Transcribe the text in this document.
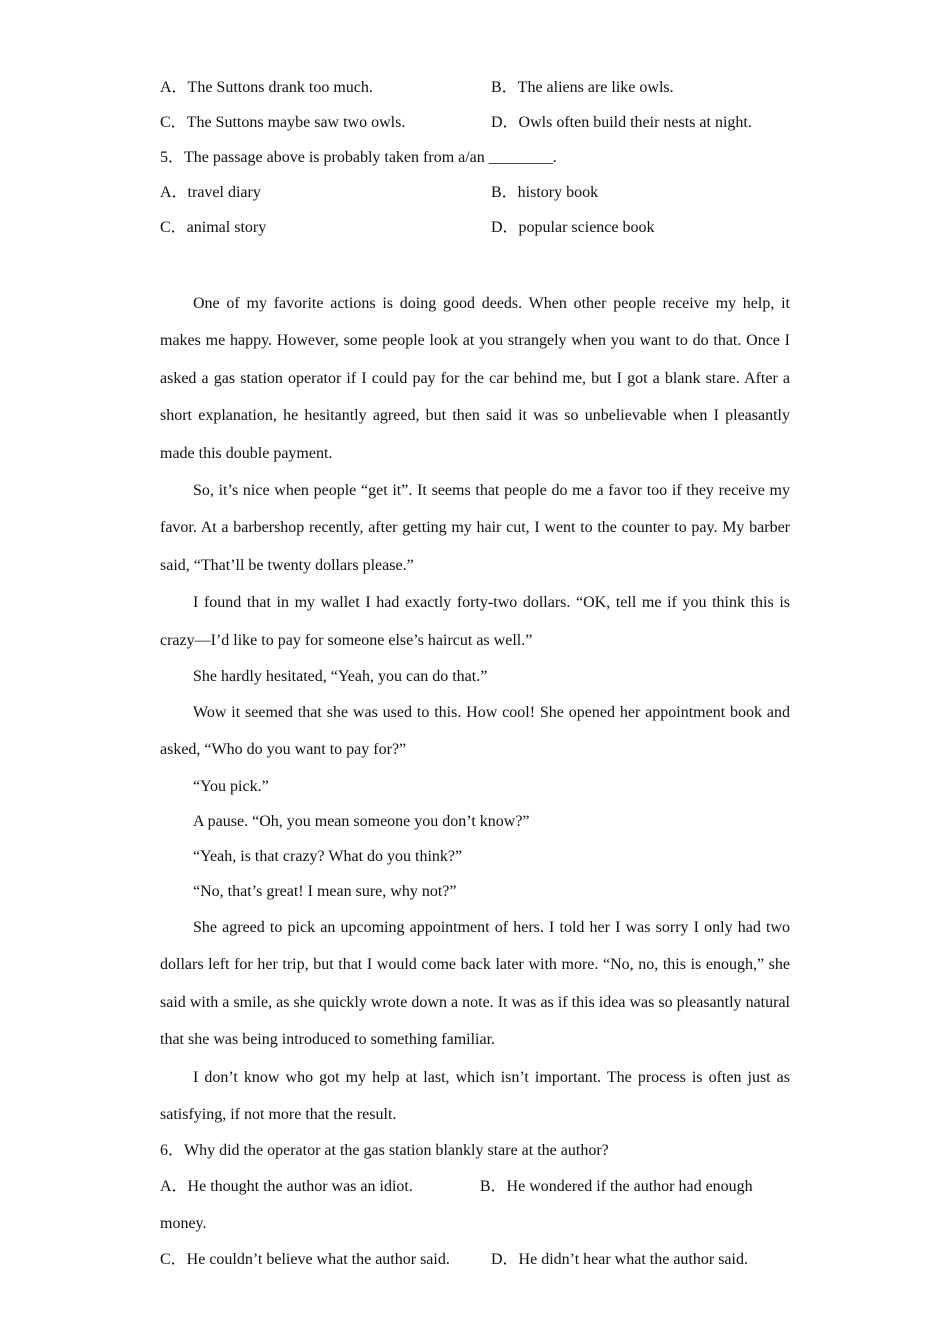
A．The Suttons drank too much.	B．The aliens are like owls.
C．The Suttons maybe saw two owls.	D．Owls often build their nests at night.
5．The passage above is probably taken from a/an ________.
A．travel diary	B．history book
C．animal story	D．popular science book

One of my favorite actions is doing good deeds. When other people receive my help, it makes me happy. However, some people look at you strangely when you want to do that. Once I asked a gas station operator if I could pay for the car behind me, but I got a blank stare. After a short explanation, he hesitantly agreed, but then said it was so unbelievable when I pleasantly made this double payment.

So, it’s nice when people “get it”. It seems that people do me a favor too if they receive my favor. At a barbershop recently, after getting my hair cut, I went to the counter to pay. My barber said, “That’ll be twenty dollars please.”

I found that in my wallet I had exactly forty-two dollars. “OK, tell me if you think this is crazy—I’d like to pay for someone else’s haircut as well.”

She hardly hesitated, “Yeah, you can do that.”

Wow it seemed that she was used to this. How cool! She opened her appointment book and asked, “Who do you want to pay for?”

“You pick.”
A pause. “Oh, you mean someone you don’t know?”
“Yeah, is that crazy? What do you think?”
“No, that’s great! I mean sure, why not?”

She agreed to pick an upcoming appointment of hers. I told her I was sorry I only had two dollars left for her trip, but that I would come back later with more. “No, no, this is enough,” she said with a smile, as she quickly wrote down a note. It was as if this idea was so pleasantly natural that she was being introduced to something familiar.

I don’t know who got my help at last, which isn’t important. The process is often just as satisfying, if not more that the result.

6．Why did the operator at the gas station blankly stare at the author?
A．He thought the author was an idiot.	B．He wondered if the author had enough money.
C．He couldn’t believe what the author said.	D．He didn’t hear what the author said.
